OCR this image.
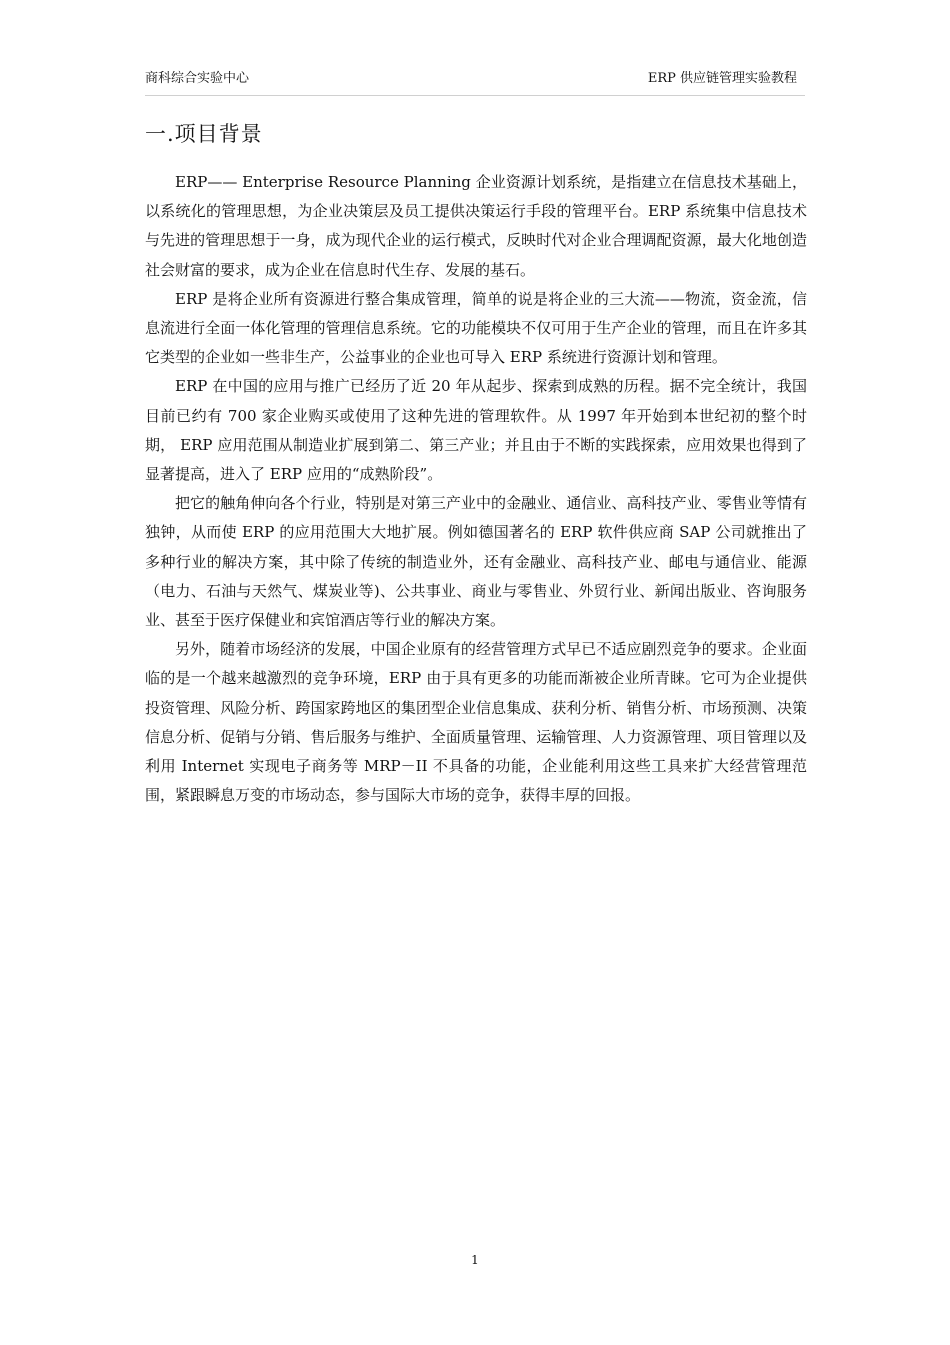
商科综合实验中心	ERP 供应链管理实验教程
一.项目背景

ERP—— Enterprise Resource Planning 企业资源计划系统，是指建立在信息技术基础上，以系统化的管理思想，为企业决策层及员工提供决策运行手段的管理平台。ERP 系统集中信息技术与先进的管理思想于一身，成为现代企业的运行模式，反映时代对企业合理调配资源，最大化地创造社会财富的要求，成为企业在信息时代生存、发展的基石。

ERP 是将企业所有资源进行整合集成管理，简单的说是将企业的三大流——物流，资金流，信息流进行全面一体化管理的管理信息系统。它的功能模块不仅可用于生产企业的管理，而且在许多其它类型的企业如一些非生产，公益事业的企业也可导入 ERP 系统进行资源计划和管理。

ERP 在中国的应用与推广已经历了近 20 年从起步、探索到成熟的历程。据不完全统计，我国目前已约有 700 家企业购买或使用了这种先进的管理软件。从 1997 年开始到本世纪初的整个时期， ERP 应用范围从制造业扩展到第二、第三产业；并且由于不断的实践探索，应用效果也得到了显著提高，进入了 ERP 应用的“成熟阶段”。

把它的触角伸向各个行业，特别是对第三产业中的金融业、通信业、高科技产业、零售业等情有独钟，从而使 ERP 的应用范围大大地扩展。例如德国著名的 ERP 软件供应商 SAP 公司就推出了多种行业的解决方案，其中除了传统的制造业外，还有金融业、高科技产业、邮电与通信业、能源（电力、石油与天然气、煤炭业等)、公共事业、商业与零售业、外贸行业、新闻出版业、咨询服务业、甚至于医疗保健业和宾馆酒店等行业的解决方案。

另外，随着市场经济的发展，中国企业原有的经营管理方式早已不适应剧烈竞争的要求。企业面临的是一个越来越激烈的竞争环境，ERP 由于具有更多的功能而渐被企业所青睐。它可为企业提供投资管理、风险分析、跨国家跨地区的集团型企业信息集成、获利分析、销售分析、市场预测、决策信息分析、促销与分销、售后服务与维护、全面质量管理、运输管理、人力资源管理、项目管理以及利用 Internet 实现电子商务等 MRP－II 不具备的功能，企业能利用这些工具来扩大经营管理范围，紧跟瞬息万变的市场动态，参与国际大市场的竞争，获得丰厚的回报。

1
